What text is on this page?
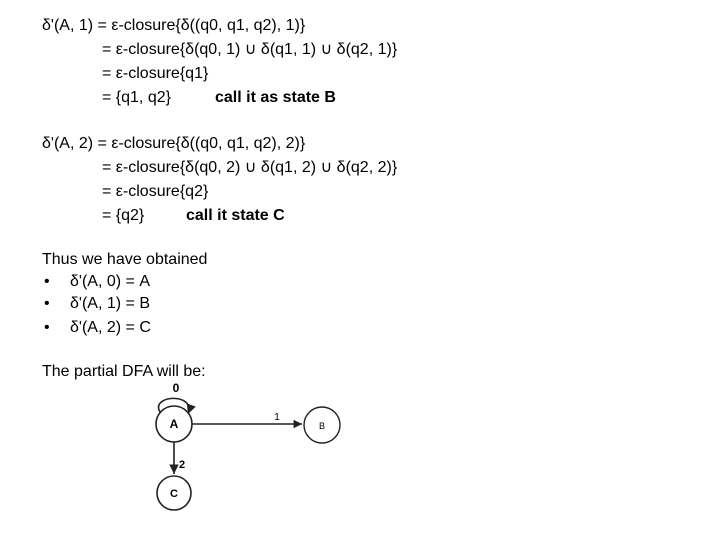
δ'(A, 1) = ε-closure{δ((q0, q1, q2), 1)}
= ε-closure{δ(q0, 1) ∪ δ(q1, 1) ∪ δ(q2, 1)}
= ε-closure{q1}
= {q1, q2}	call it as state B
δ'(A, 2) = ε-closure{δ((q0, q1, q2), 2)}
= ε-closure{δ(q0, 2) ∪ δ(q1, 2) ∪ δ(q2, 2)}
= ε-closure{q2}
= {q2}	call it state C
Thus we have obtained
• δ'(A, 0) = A
• δ'(A, 1) = B
• δ'(A, 2) = C
The partial DFA will be:
0
A	1
B
2
C
